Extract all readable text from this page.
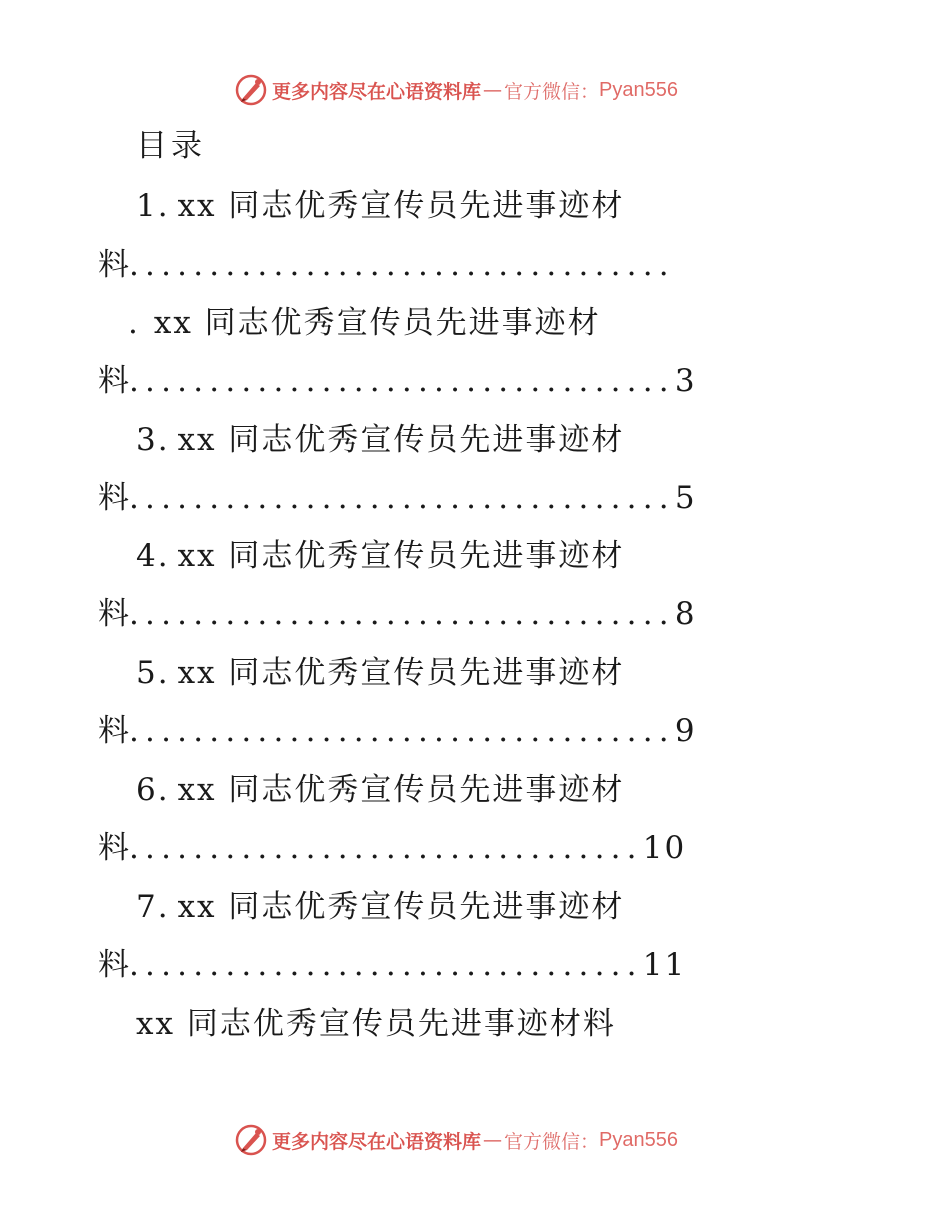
更多内容尽在心语资料库 — 官方微信： Pyan556
目录
1. xx 同志优秀宣传员先进事迹材
料..................................
. xx 同志优秀宣传员先进事迹材
料..................................3
3. xx 同志优秀宣传员先进事迹材
料..................................5
4. xx 同志优秀宣传员先进事迹材
料..................................8
5. xx 同志优秀宣传员先进事迹材
料..................................9
6. xx 同志优秀宣传员先进事迹材
料................................10
7. xx 同志优秀宣传员先进事迹材
料................................11
xx 同志优秀宣传员先进事迹材料
更多内容尽在心语资料库 — 官方微信： Pyan556
